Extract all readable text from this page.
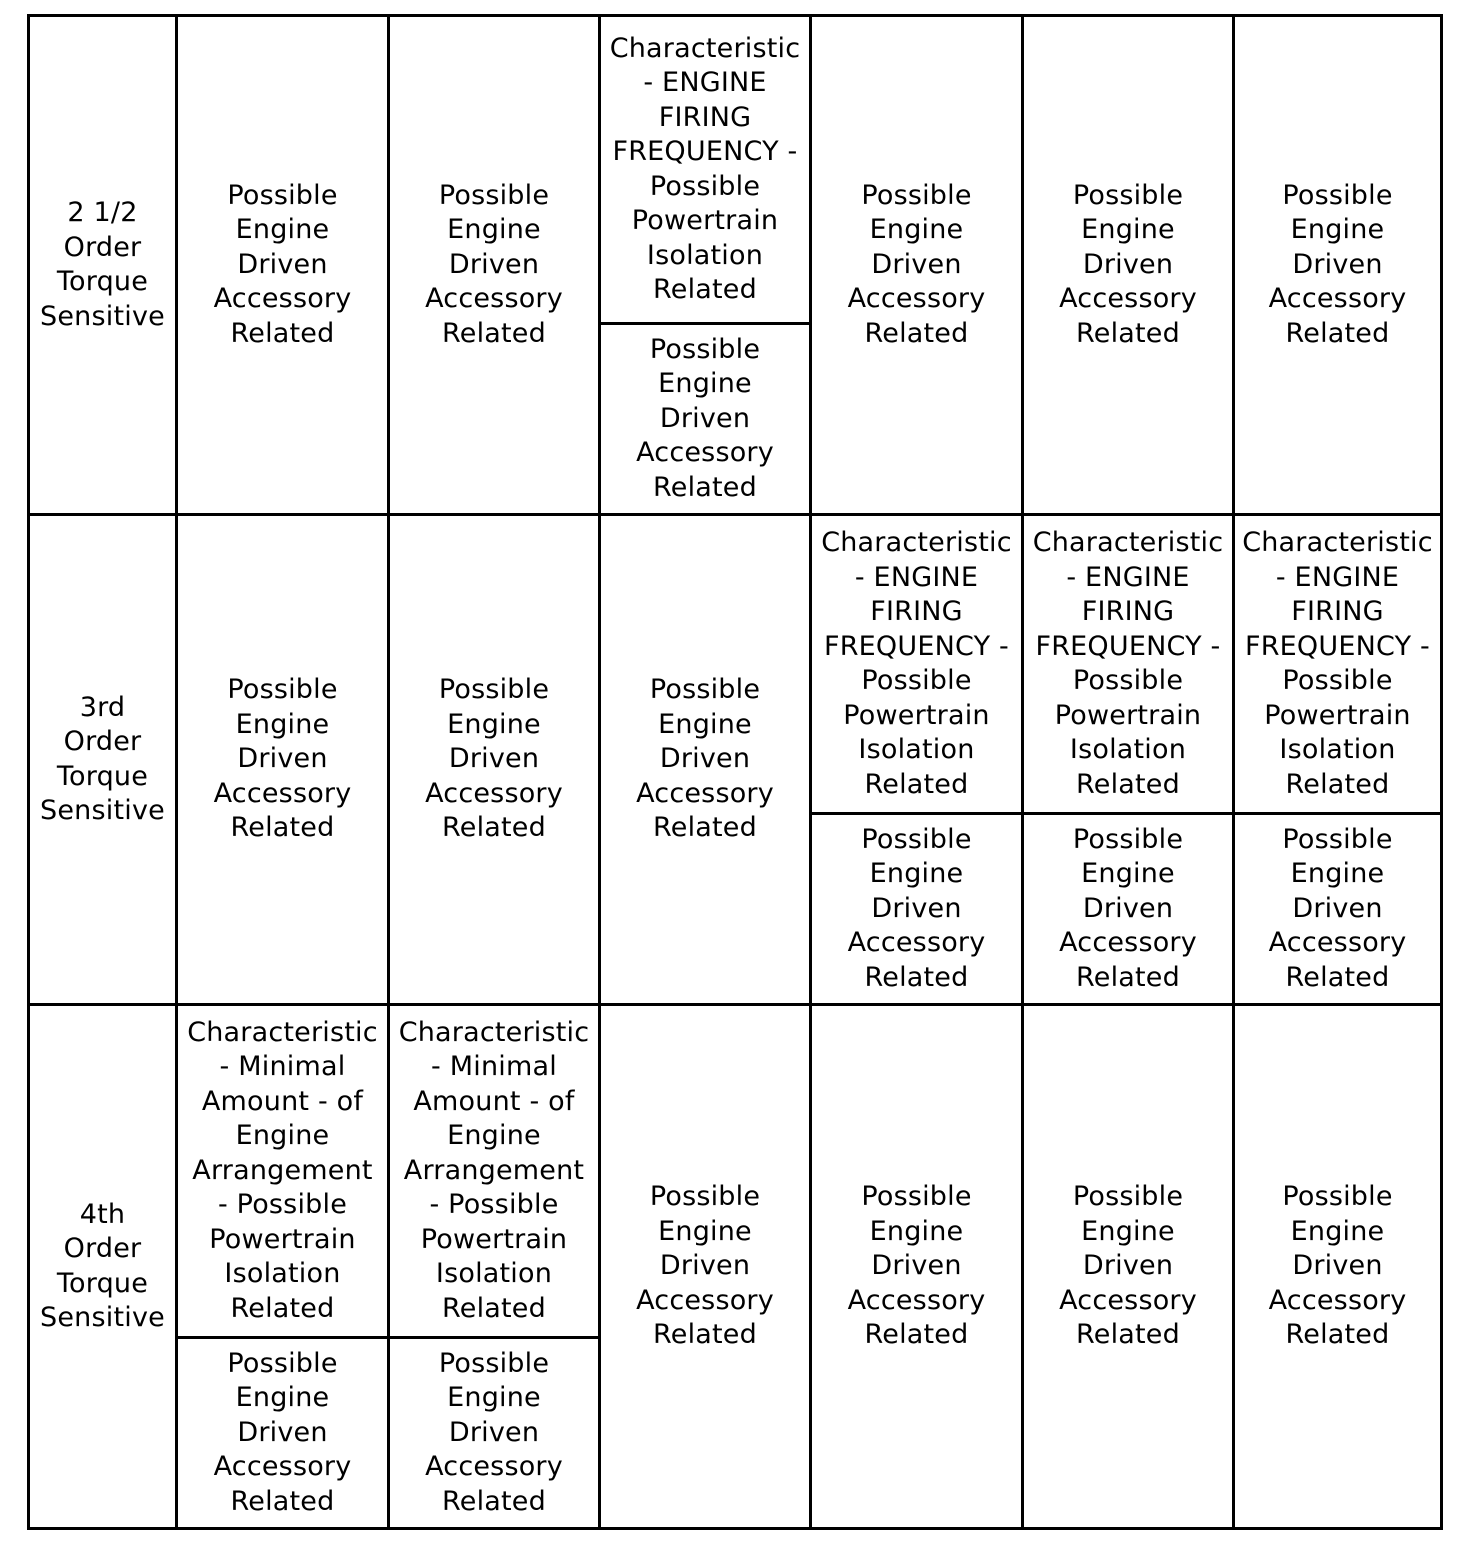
2 1/2
Order
Torque
Sensitive
Possible
Engine
Driven
Accessory
Related
Possible
Engine
Driven
Accessory
Related
Characteristic
- ENGINE
FIRING
FREQUENCY -
Possible
Powertrain
Isolation
Related
Possible
Engine
Driven
Accessory
Related
Possible
Engine
Driven
Accessory
Related
Possible
Engine
Driven
Accessory
Related
Possible
Engine
Driven
Accessory
Related
3rd
Order
Torque
Sensitive
Possible
Engine
Driven
Accessory
Related
Possible
Engine
Driven
Accessory
Related
Possible
Engine
Driven
Accessory
Related
Characteristic
- ENGINE
FIRING
FREQUENCY -
Possible
Powertrain
Isolation
Related
Possible
Engine
Driven
Accessory
Related
Characteristic
- ENGINE
FIRING
FREQUENCY -
Possible
Powertrain
Isolation
Related
Possible
Engine
Driven
Accessory
Related
Characteristic
- ENGINE
FIRING
FREQUENCY -
Possible
Powertrain
Isolation
Related
Possible
Engine
Driven
Accessory
Related
4th
Order
Torque
Sensitive
Characteristic
- Minimal
Amount - of
Engine
Arrangement
- Possible
Powertrain
Isolation
Related
Possible
Engine
Driven
Accessory
Related
Characteristic
- Minimal
Amount - of
Engine
Arrangement
- Possible
Powertrain
Isolation
Related
Possible
Engine
Driven
Accessory
Related
Possible
Engine
Driven
Accessory
Related
Possible
Engine
Driven
Accessory
Related
Possible
Engine
Driven
Accessory
Related
Possible
Engine
Driven
Accessory
Related
